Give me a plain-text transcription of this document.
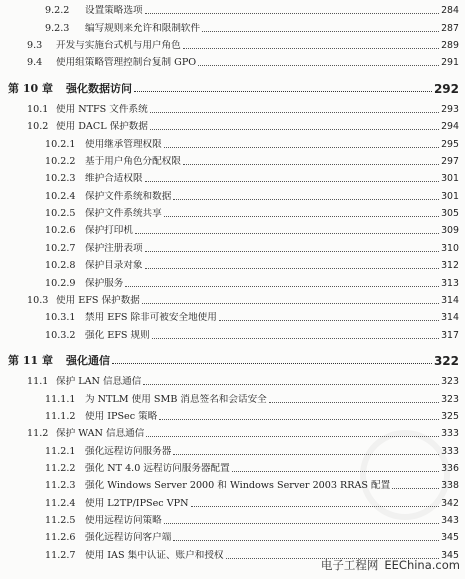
9.2.2	设置策略选项	284
9.2.3	编写规则来允许和限制软件	287
9.3	开发与实施台式机与用户角色	289
9.4	使用组策略管理控制台复制 GPO	291
第 10 章	强化数据访问	292
10.1 使用 NTFS 文件系统	293
10.2 使用 DACL 保护数据	294
10.2.1 使用继承管理权限	295
10.2.2 基于用户角色分配权限	297
10.2.3 维护合适权限	301
10.2.4 保护文件系统和数据	301
10.2.5 保护文件系统共享	305
10.2.6 保护打印机	309
10.2.7 保护注册表项	310
10.2.8 保护目录对象	312
10.2.9 保护服务	313
10.3 使用 EFS 保护数据	314
10.3.1 禁用 EFS 除非可被安全地使用	314
10.3.2 强化 EFS 规则	317
第 11 章	强化通信	322
11.1 保护 LAN 信息通信	323
11.1.1 为 NTLM 使用 SMB 消息签名和会话安全	323
11.1.2 使用 IPSec 策略	325
11.2 保护 WAN 信息通信	333
11.2.1 强化远程访问服务器	333
11.2.2 强化 NT 4.0 远程访问服务器配置	336
11.2.3 强化 Windows Server 2000 和 Windows Server 2003 RRAS 配置	338
11.2.4 使用 L2TP/IPSec VPN	342
11.2.5 使用远程访问策略	343
11.2.6 强化远程访问客户端	345
11.2.7 使用 IAS 集中认证、账户和授权	345
电子工程网 EEChina.com
